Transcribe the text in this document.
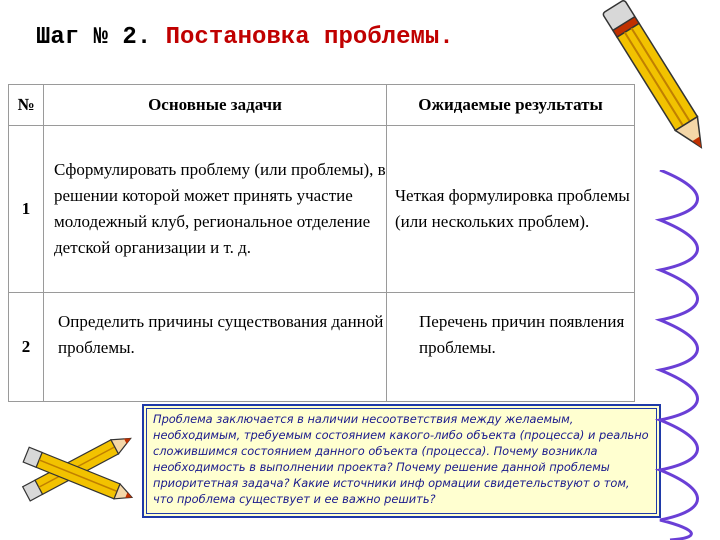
Шаг № 2. Постановка проблемы.
№	Основные задачи	Ожидаемые результаты
1	Сформулировать проблему (или проблемы), в решении которой может принять участие молодежный клуб, региональное отделение детской организации и т. д.	Четкая формулировка проблемы (или нескольких проблем).

2	Определить причины существования данной проблемы.	Перечень причин появления проблемы.
Проблема заключается в наличии несоответствия между желаемым, необходимым, требуемым состоянием какого-либо объекта (процесса) и реально сложившимся состоянием данного объекта (процесса). Почему возникла необходимость в выполнении проекта? Почему решение данной проблемы приоритетная задача? Какие источники инф ормации свидетельствуют о том, что проблема существует и ее важно решить?
